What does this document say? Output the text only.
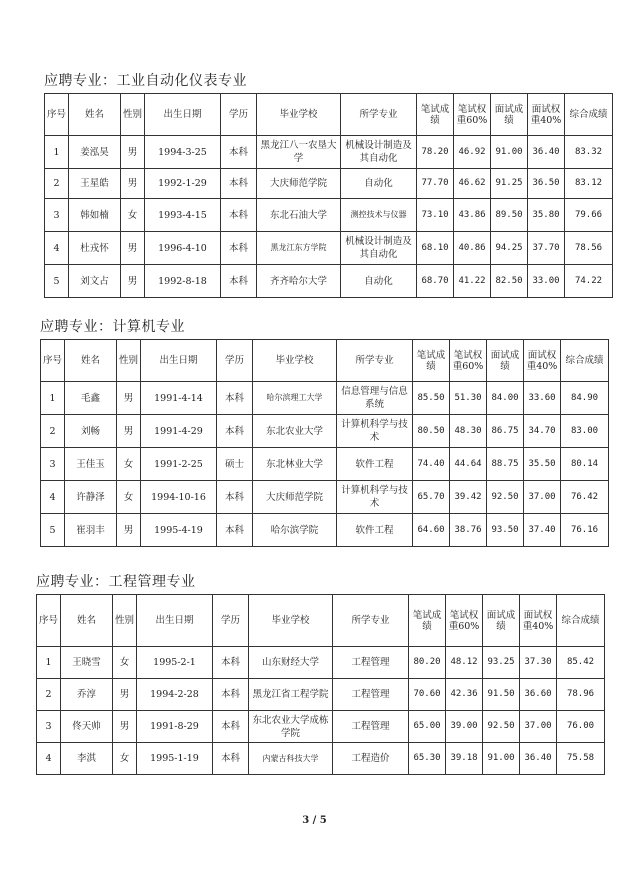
应聘专业：工业自动化仪表专业
序号	姓名	性别	出生日期	学历	毕业学校	所学专业	笔试成绩	笔试权重60%	面试成绩	面试权重40%	综合成绩
1	姜泓昊	男	1994-3-25	本科	黑龙江八一农垦大学	机械设计制造及其自动化	78.20	46.92	91.00	36.40	83.32
2	王星皓	男	1992-1-29	本科	大庆师范学院	自动化	77.70	46.62	91.25	36.50	83.12
3	韩如楠	女	1993-4-15	本科	东北石油大学	测控技术与仪器	73.10	43.86	89.50	35.80	79.66
4	杜戎怀	男	1996-4-10	本科	黑龙江东方学院	机械设计制造及其自动化	68.10	40.86	94.25	37.70	78.56
5	刘文占	男	1992-8-18	本科	齐齐哈尔大学	自动化	68.70	41.22	82.50	33.00	74.22
应聘专业：计算机专业
序号	姓名	性别	出生日期	学历	毕业学校	所学专业	笔试成绩	笔试权重60%	面试成绩	面试权重40%	综合成绩
1	毛鑫	男	1991-4-14	本科	哈尔滨理工大学	信息管理与信息系统	85.50	51.30	84.00	33.60	84.90
2	刘畅	男	1991-4-29	本科	东北农业大学	计算机科学与技术	80.50	48.30	86.75	34.70	83.00
3	王佳玉	女	1991-2-25	硕士	东北林业大学	软件工程	74.40	44.64	88.75	35.50	80.14
4	许静泽	女	1994-10-16	本科	大庆师范学院	计算机科学与技术	65.70	39.42	92.50	37.00	76.42
5	崔羽丰	男	1995-4-19	本科	哈尔滨学院	软件工程	64.60	38.76	93.50	37.40	76.16
应聘专业：工程管理专业
序号	姓名	性别	出生日期	学历	毕业学校	所学专业	笔试成绩	笔试权重60%	面试成绩	面试权重40%	综合成绩
1	王晓雪	女	1995-2-1	本科	山东财经大学	工程管理	80.20	48.12	93.25	37.30	85.42
2	乔淳	男	1994-2-28	本科	黑龙江省工程学院	工程管理	70.60	42.36	91.50	36.60	78.96
3	佟天帅	男	1991-8-29	本科	东北农业大学成栋学院	工程管理	65.00	39.00	92.50	37.00	76.00
4	李淇	女	1995-1-19	本科	内蒙古科技大学	工程造价	65.30	39.18	91.00	36.40	75.58
3 / 5
